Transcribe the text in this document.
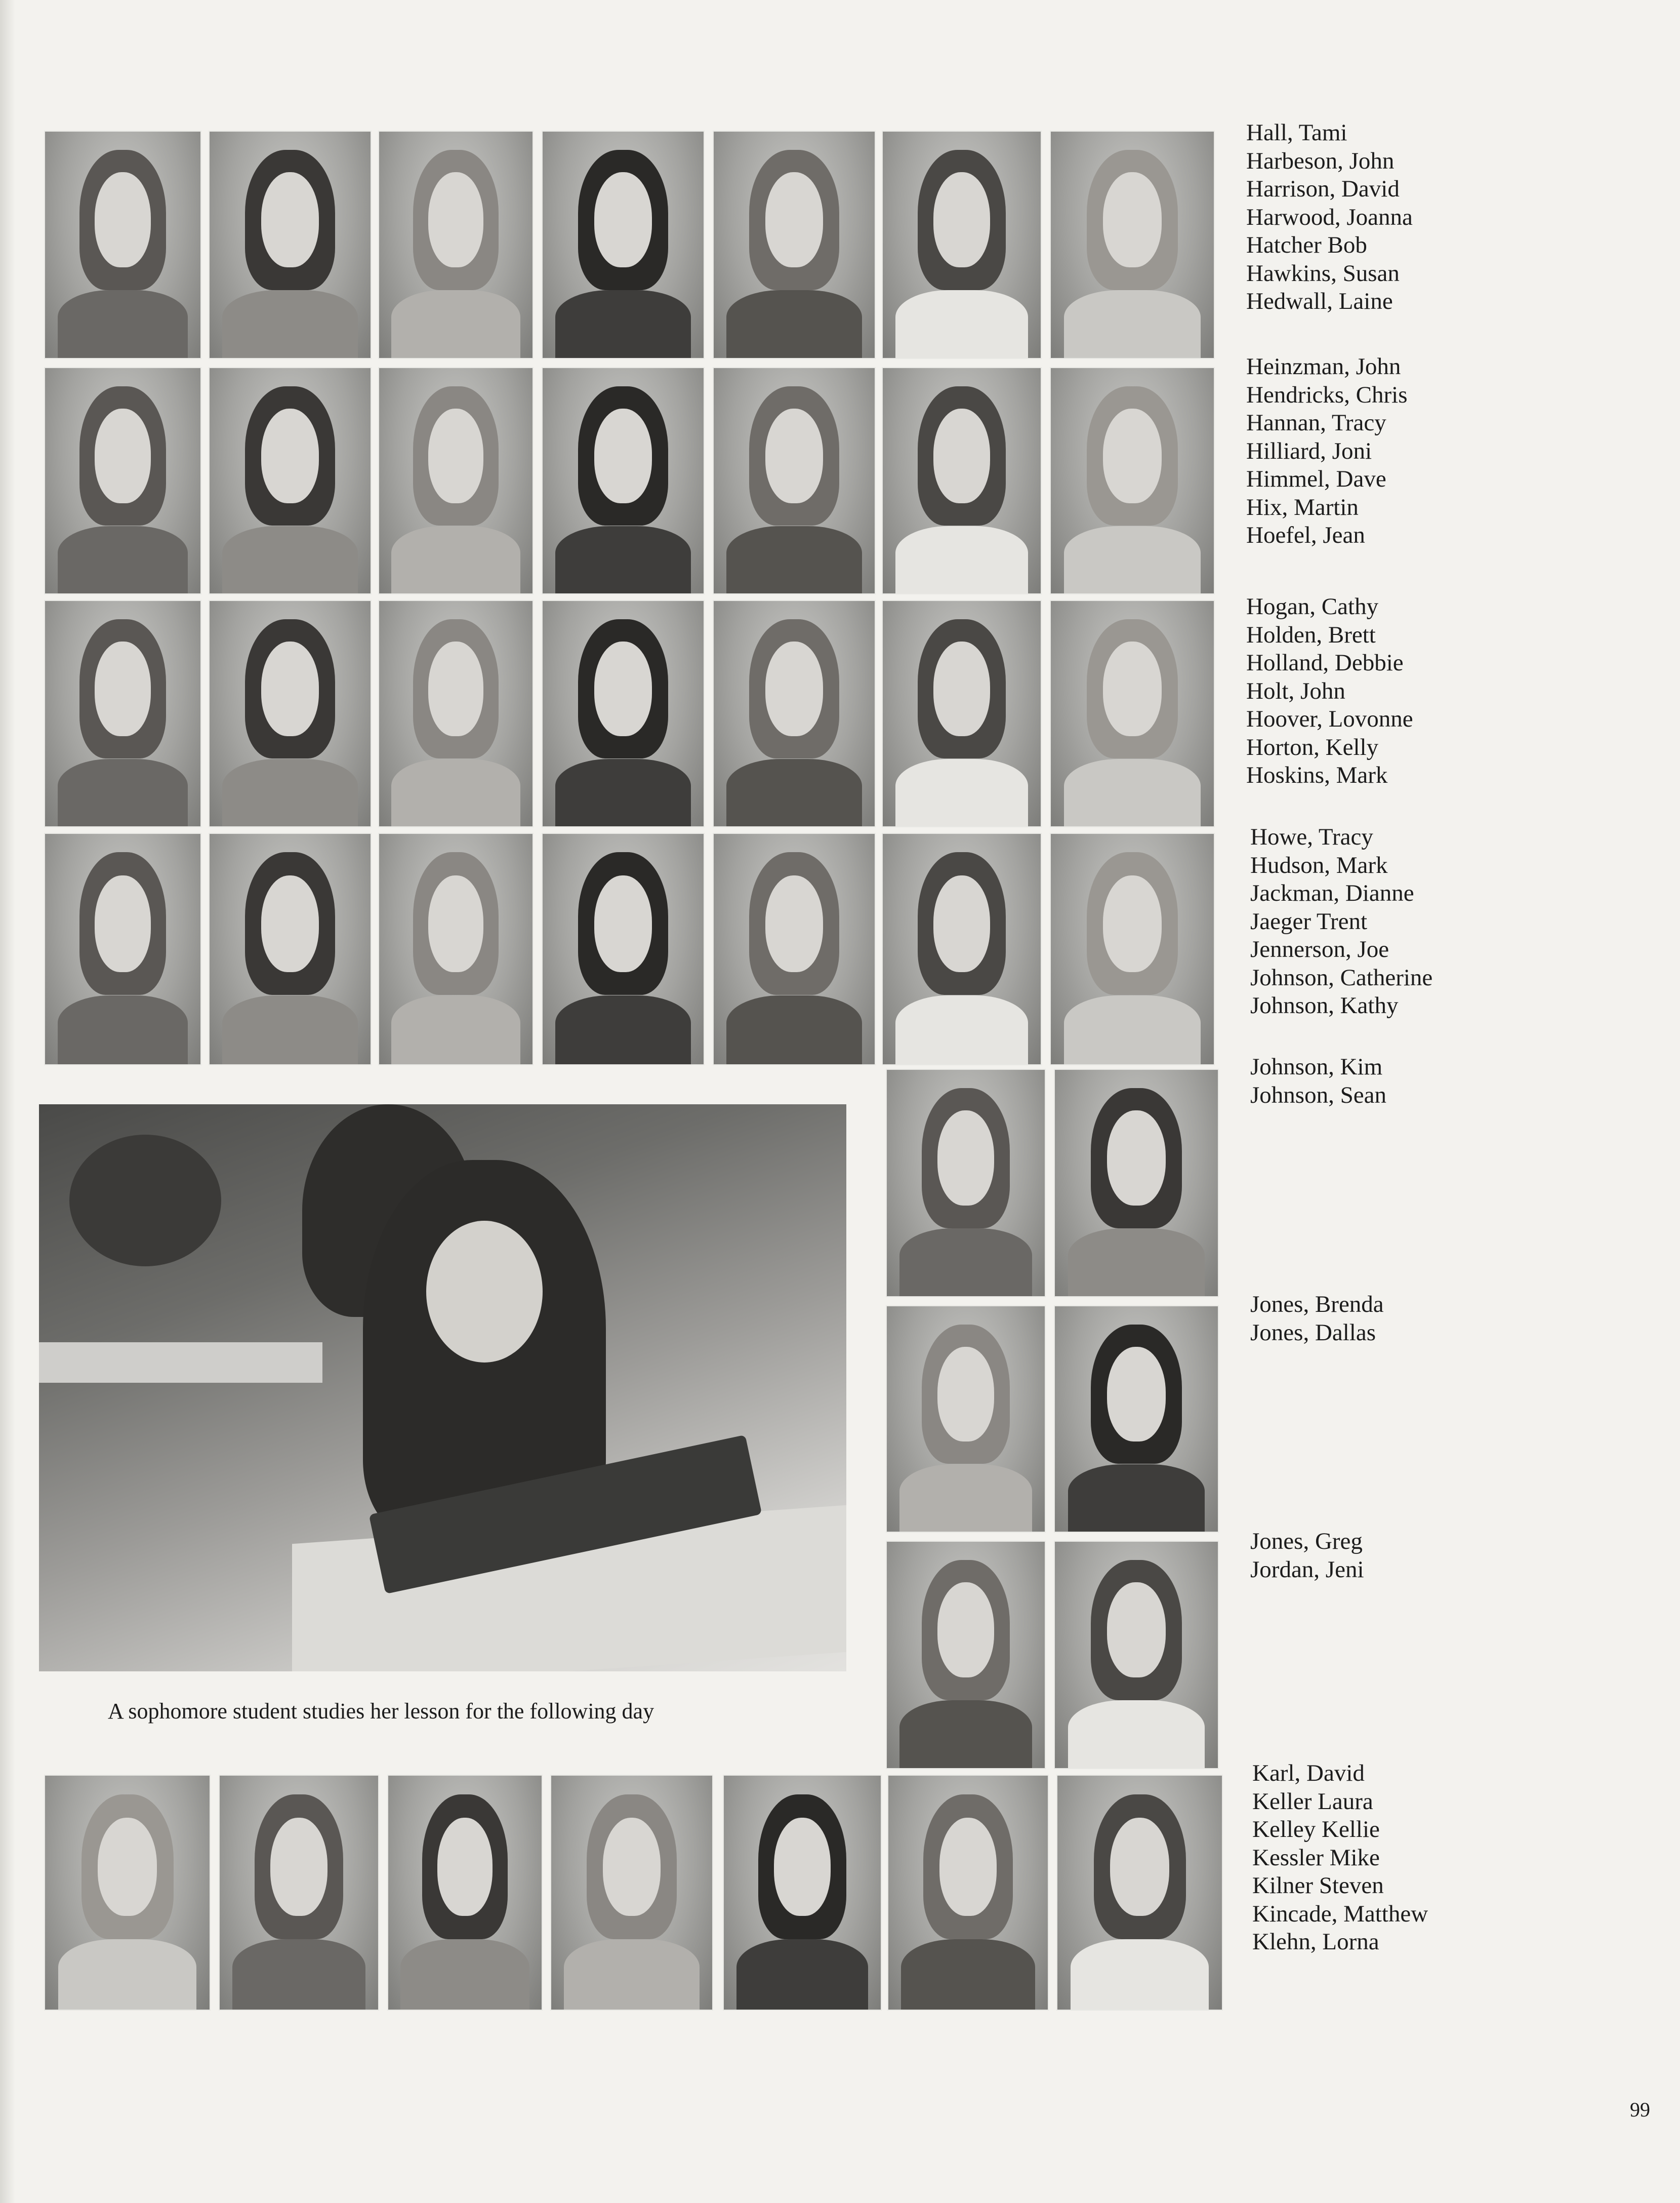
A sophomore student studies her lesson for the following day
Hall, Tami
Harbeson, John
Harrison, David
Harwood, Joanna
Hatcher Bob
Hawkins, Susan
Hedwall, Laine
Heinzman, John
Hendricks, Chris
Hannan, Tracy
Hilliard, Joni
Himmel, Dave
Hix, Martin
Hoefel, Jean
Hogan, Cathy
Holden, Brett
Holland, Debbie
Holt, John
Hoover, Lovonne
Horton, Kelly
Hoskins, Mark
Howe, Tracy
Hudson, Mark
Jackman, Dianne
Jaeger Trent
Jennerson, Joe
Johnson, Catherine
Johnson, Kathy
Johnson, Kim
Johnson, Sean
Jones, Brenda
Jones, Dallas
Jones, Greg
Jordan, Jeni
Karl, David
Keller Laura
Kelley Kellie
Kessler Mike
Kilner Steven
Kincade, Matthew
Klehn, Lorna
99
